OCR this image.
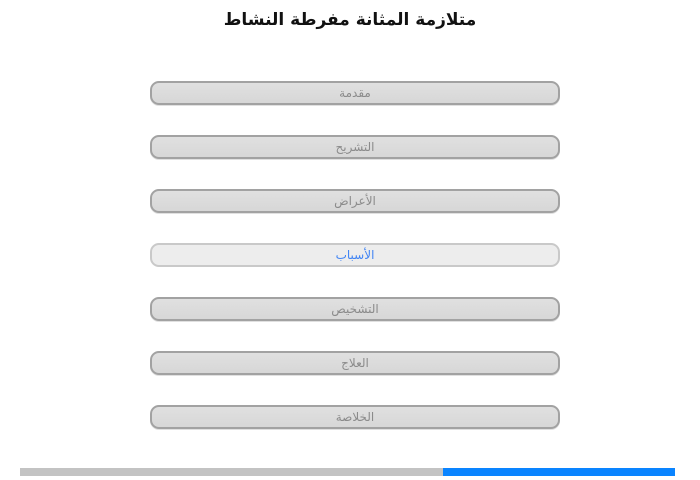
متلازمة المثانة مفرطة النشاط
مقدمة
التشريح
الأعراض
الأسباب
التشخيص
العلاج
الخلاصة
